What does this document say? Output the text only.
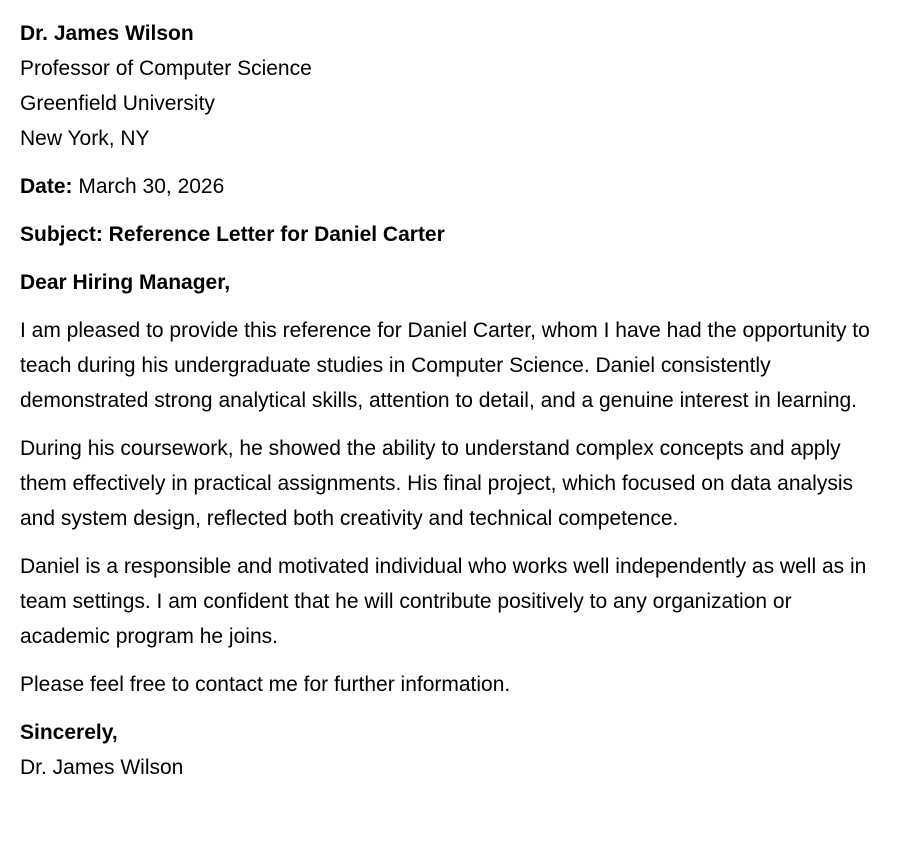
Dr. James Wilson
Professor of Computer Science
Greenfield University
New York, NY
Date: March 30, 2026
Subject: Reference Letter for Daniel Carter
Dear Hiring Manager,
I am pleased to provide this reference for Daniel Carter, whom I have had the opportunity to teach during his undergraduate studies in Computer Science. Daniel consistently demonstrated strong analytical skills, attention to detail, and a genuine interest in learning.
During his coursework, he showed the ability to understand complex concepts and apply them effectively in practical assignments. His final project, which focused on data analysis and system design, reflected both creativity and technical competence.
Daniel is a responsible and motivated individual who works well independently as well as in team settings. I am confident that he will contribute positively to any organization or academic program he joins.
Please feel free to contact me for further information.
Sincerely,
Dr. James Wilson
